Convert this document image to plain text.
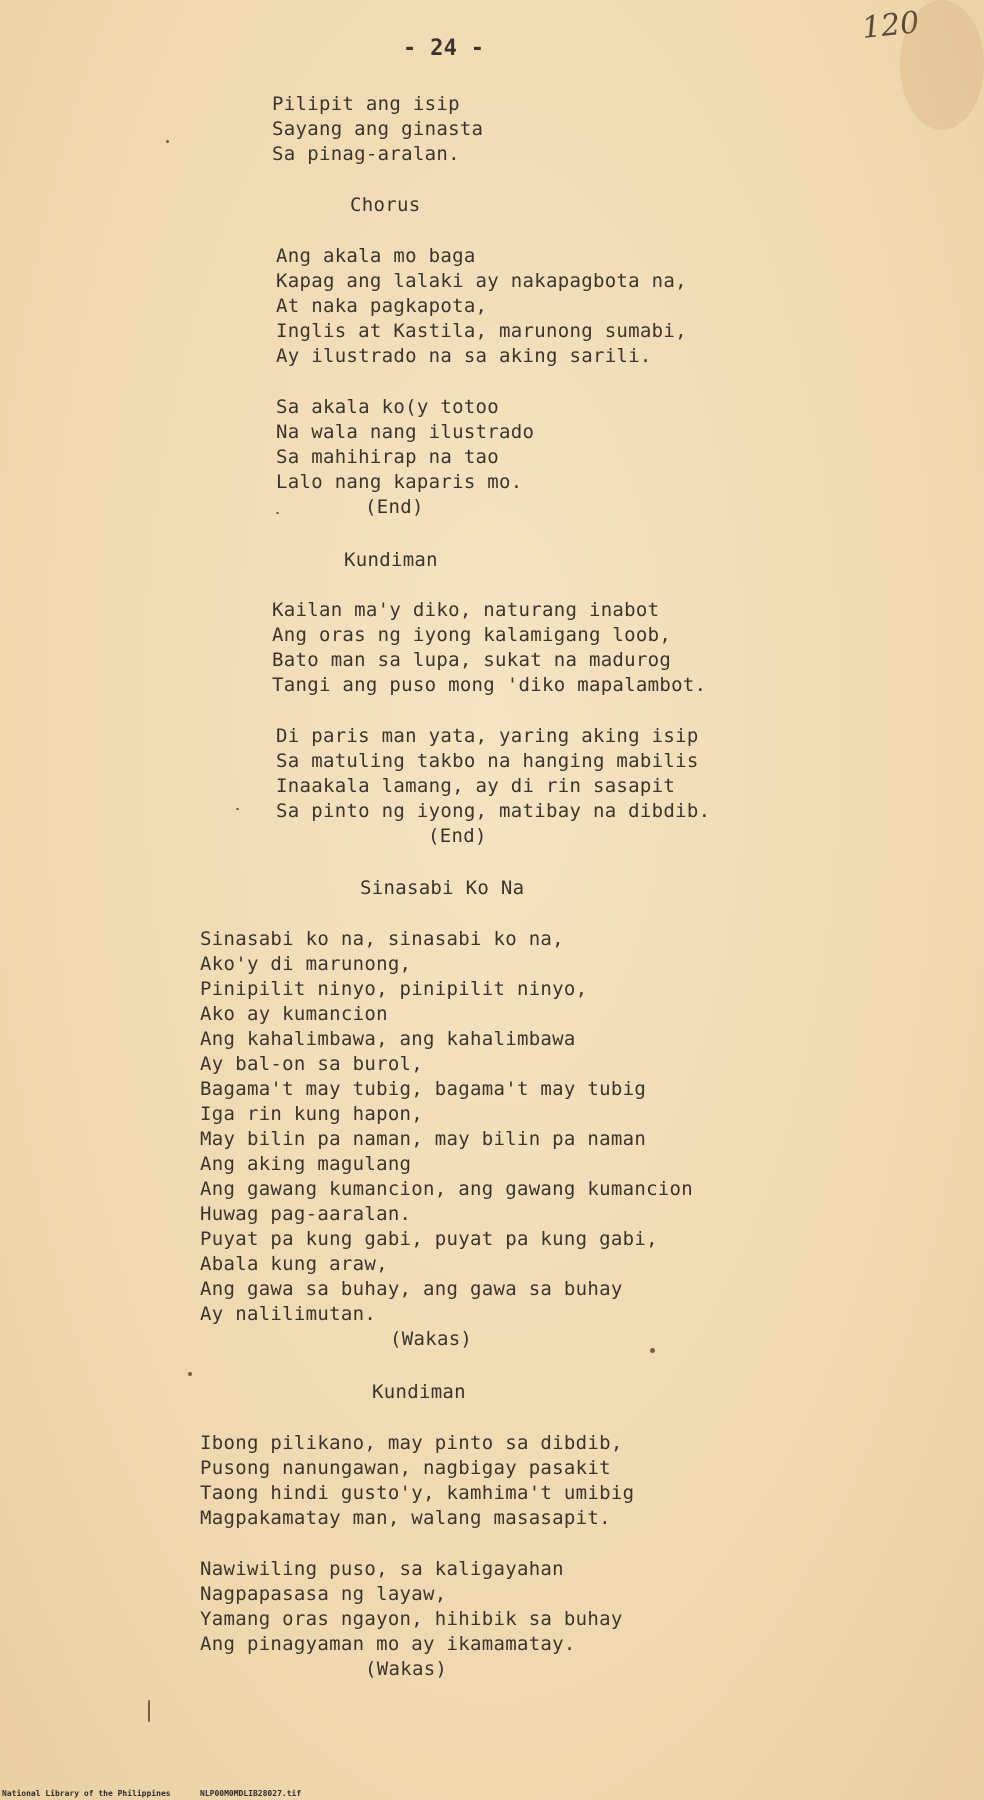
- 24 -
120
Pilipit ang isip
Sayang ang ginasta
Sa pinag-aralan.
Chorus
Ang akala mo baga
Kapag ang lalaki ay nakapagbota na,
At naka pagkapota,
Inglis at Kastila, marunong sumabi,
Ay ilustrado na sa aking sarili.
Sa akala ko(y totoo
Na wala nang ilustrado
Sa mahihirap na tao
Lalo nang kaparis mo.
(End)
Kundiman
Kailan ma'y diko, naturang inabot
Ang oras ng iyong kalamigang loob,
Bato man sa lupa, sukat na madurog
Tangi ang puso mong 'diko mapalambot.
Di paris man yata, yaring aking isip
Sa matuling takbo na hanging mabilis
Inaakala lamang, ay di rin sasapit
Sa pinto ng iyong, matibay na dibdib.
(End)
Sinasabi Ko Na
Sinasabi ko na, sinasabi ko na,
Ako'y di marunong,
Pinipilit ninyo, pinipilit ninyo,
Ako ay kumancion
Ang kahalimbawa, ang kahalimbawa
Ay bal-on sa burol,
Bagama't may tubig, bagama't may tubig
Iga rin kung hapon,
May bilin pa naman, may bilin pa naman
Ang aking magulang
Ang gawang kumancion, ang gawang kumancion
Huwag pag-aaralan.
Puyat pa kung gabi, puyat pa kung gabi,
Abala kung araw,
Ang gawa sa buhay, ang gawa sa buhay
Ay nalilimutan.
(Wakas)
Kundiman
Ibong pilikano, may pinto sa dibdib,
Pusong nanungawan, nagbigay pasakit
Taong hindi gusto'y, kamhima't umibig
Magpakamatay man, walang masasapit.
Nawiwiling puso, sa kaligayahan
Nagpapasasa ng layaw,
Yamang oras ngayon, hihibik sa buhay
Ang pinagyaman mo ay ikamamatay.
(Wakas)
National Library of the Philippines	NLP00M0MDLIB28027.tif
